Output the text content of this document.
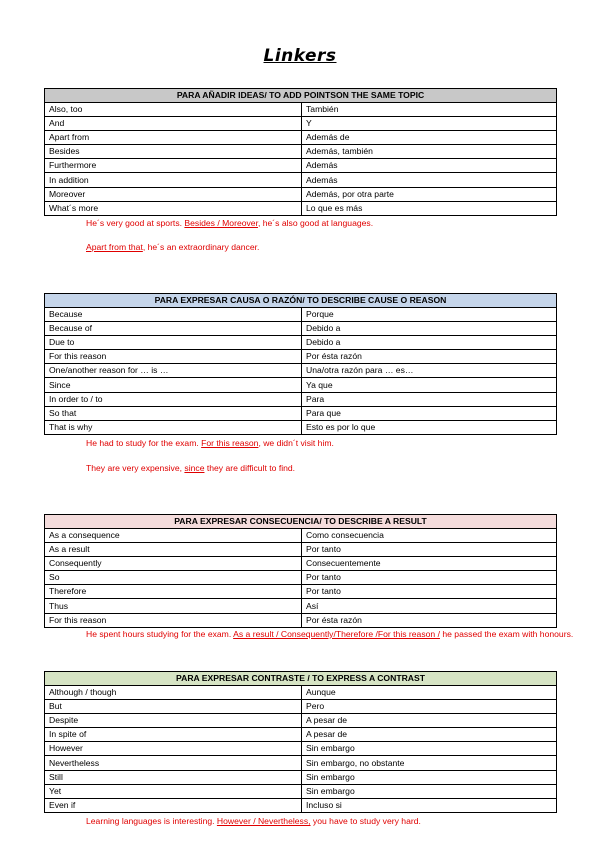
Linkers
PARA AÑADIR IDEAS/ TO ADD POINTSON THE SAME TOPIC	
Also, too	También
And	Y
Apart from	Además de
Besides	Además, también
Furthermore	Además
In addition	Además
Moreover	Además, por otra parte
What´s more	Lo que es más
He´s very good at sports. Besides / Moreover, he´s also good at languages.
Apart from that, he´s an extraordinary dancer.
PARA EXPRESAR CAUSA O RAZÓN/ TO DESCRIBE CAUSE O REASON	
Because	Porque
Because of	Debido a
Due to	Debido a
For this reason	Por ésta razón
One/another reason for … is …	Una/otra razón para … es…
Since	Ya que
In order to / to	Para
So that	Para que
That is why	Esto es por lo que
He had to study for the exam. For this reason, we didn´t visit him.
They are very expensive, since they are difficult to find.
PARA EXPRESAR CONSECUENCIA/ TO DESCRIBE A RESULT	
As a consequence	Como consecuencia
As a result	Por tanto
Consequently	Consecuentemente
So	Por tanto
Therefore	Por tanto
Thus	Así
For this reason	Por ésta razón
He spent hours studying for the exam. As a result / Consequently/Therefore /For this reason / he passed the exam with honours.
PARA EXPRESAR CONTRASTE / TO EXPRESS A CONTRAST	
Although / though	Aunque
But	Pero
Despite	A pesar de
In spite of	A pesar de
However	Sin embargo
Nevertheless	Sin embargo, no obstante
Still	Sin embargo
Yet	Sin embargo
Even if	Incluso si
Learning languages is interesting. However / Nevertheless, you have to study very hard.
